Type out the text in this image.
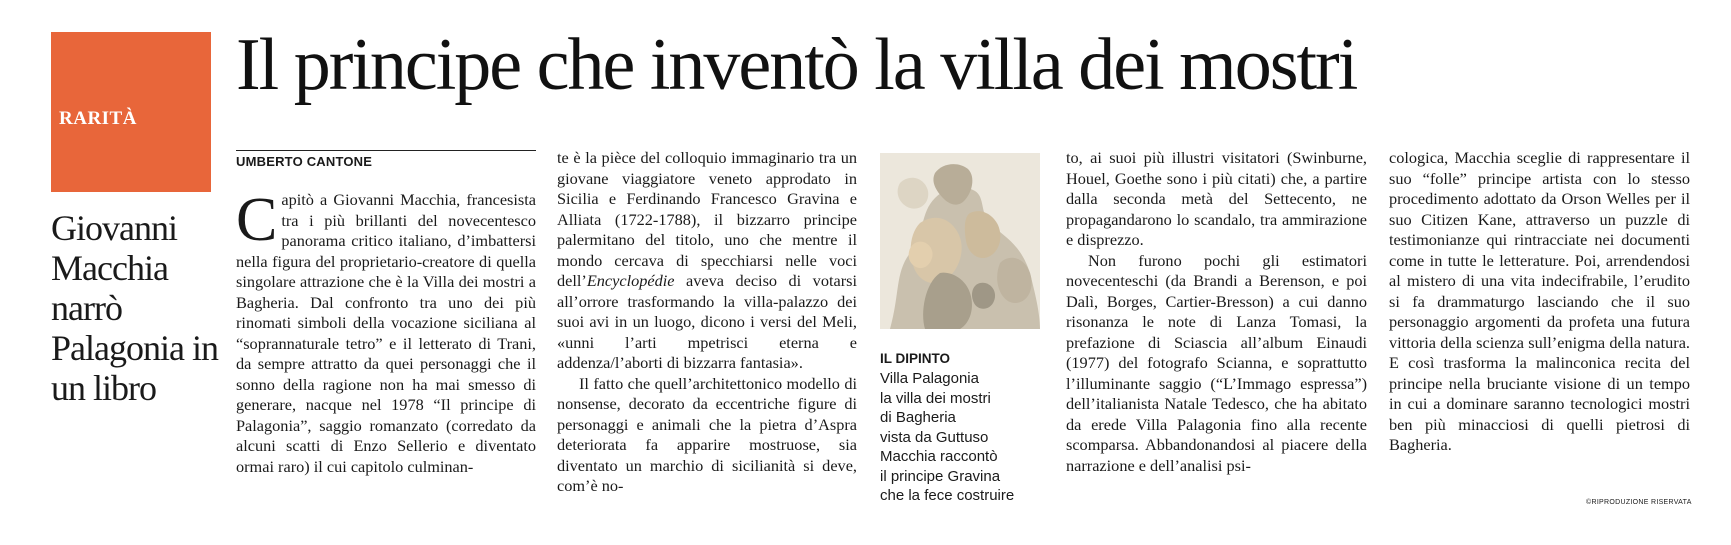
RARITÀ
Il principe che inventò la villa dei mostri
Giovanni Macchia narrò Palagonia in un libro
UMBERTO CANTONE

Capitò a Giovanni Macchia, francesista tra i più brillanti del novecentesco panorama critico italiano, d’imbattersi nella figura del proprietario-creatore di quella singolare attrazione che è la Villa dei mostri a Bagheria. Dal confronto tra uno dei più rinomati simboli della vocazione siciliana al “soprannaturale tetro” e il letterato di Trani, da sempre attratto da quei personaggi che il sonno della ragione non ha mai smesso di generare, nacque nel 1978 “Il principe di Palagonia”, saggio romanzato (corredato da alcuni scatti di Enzo Sellerio e diventato ormai raro) il cui capitolo culminan-

te è la pièce del colloquio immaginario tra un giovane viaggiatore veneto approdato in Sicilia e Ferdinando Francesco Gravina e Alliata (1722-1788), il bizzarro principe palermitano del titolo, uno che mentre il mondo cercava di specchiarsi nelle voci dell’Encyclopédie aveva deciso di votarsi all’orrore trasformando la villa-palazzo dei suoi avi in un luogo, dicono i versi del Meli, «unni l’arti mpetrisci eterna e addenza/l’aborti di bizzarra fantasia».

Il fatto che quell’architettonico modello di nonsense, decorato da eccentriche figure di personaggi e animali che la pietra d’Aspra deteriorata fa apparire mostruose, sia diventato un marchio di sicilianità si deve, com’è no-

IL DIPINTO
Villa Palagonia
la villa dei mostri
di Bagheria
vista da Guttuso
Macchia raccontò
il principe Gravina
che la fece costruire

to, ai suoi più illustri visitatori (Swinburne, Houel, Goethe sono i più citati) che, a partire dalla seconda metà del Settecento, ne propagandarono lo scandalo, tra ammirazione e disprezzo.

Non furono pochi gli estimatori novecenteschi (da Brandi a Berenson, e poi Dalì, Borges, Cartier-Bresson) a cui danno risonanza le note di Lanza Tomasi, la prefazione di Sciascia all’album Einaudi (1977) del fotografo Scianna, e soprattutto l’illuminante saggio (“L’Immago espressa”) dell’italianista Natale Tedesco, che ha abitato da erede Villa Palagonia fino alla recente scomparsa. Abbandonandosi al piacere della narrazione e dell’analisi psi-

cologica, Macchia sceglie di rappresentare il suo “folle” principe artista con lo stesso procedimento adottato da Orson Welles per il suo Citizen Kane, attraverso un puzzle di testimonianze qui rintracciate nei documenti come in tutte le letterature. Poi, arrendendosi al mistero di una vita indecifrabile, l’erudito si fa drammaturgo lasciando che il suo personaggio argomenti da profeta una futura vittoria della scienza sull’enigma della natura. E così trasforma la malinconica recita del principe nella bruciante visione di un tempo in cui a dominare saranno tecnologici mostri ben più minacciosi di quelli pietrosi di Bagheria.

©RIPRODUZIONE RISERVATA
